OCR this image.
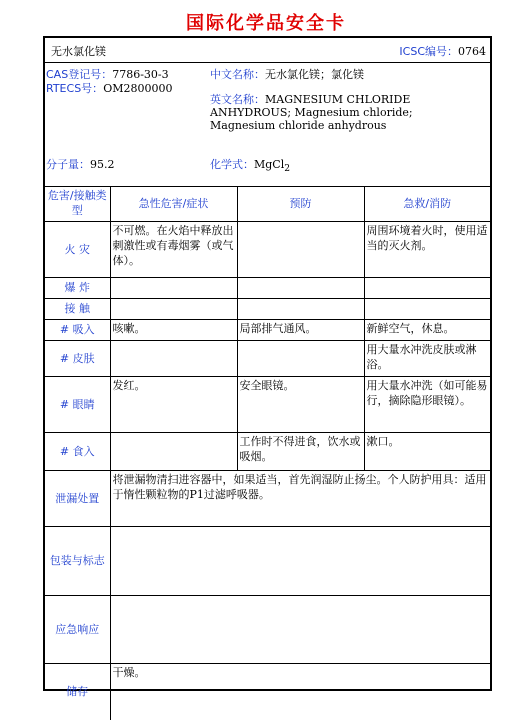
国际化学品安全卡
无水氯化镁	ICSC编号：0764
CAS登记号：7786-30-3
RTECS号：OM2800000
中文名称：无水氯化镁；氯化镁
英文名称：MAGNESIUM CHLORIDE ANHYDROUS; Magnesium chloride; Magnesium chloride anhydrous
分子量：95.2	化学式：MgCl$_2$
危害/接触类型	急性危害/症状	预防	急救/消防
火 灾	不可燃。在火焰中释放出刺激性或有毒烟雾（或气体）。		周围环境着火时，使用适当的灭火剂。
爆 炸			
接 触			
# 吸入	咳嗽。	局部排气通风。	新鲜空气，休息。
# 皮肤			用大量水冲洗皮肤或淋浴。
# 眼睛	发红。	安全眼镜。	用大量水冲洗（如可能易行，摘除隐形眼镜）。
# 食入		工作时不得进食，饮水或吸烟。	漱口。
泄漏处置	将泄漏物清扫进容器中，如果适当，首先润湿防止扬尘。个人防护用具：适用于惰性颗粒物的P1过滤呼吸器。		
包装与标志			
应急响应			
储存	干燥。		
